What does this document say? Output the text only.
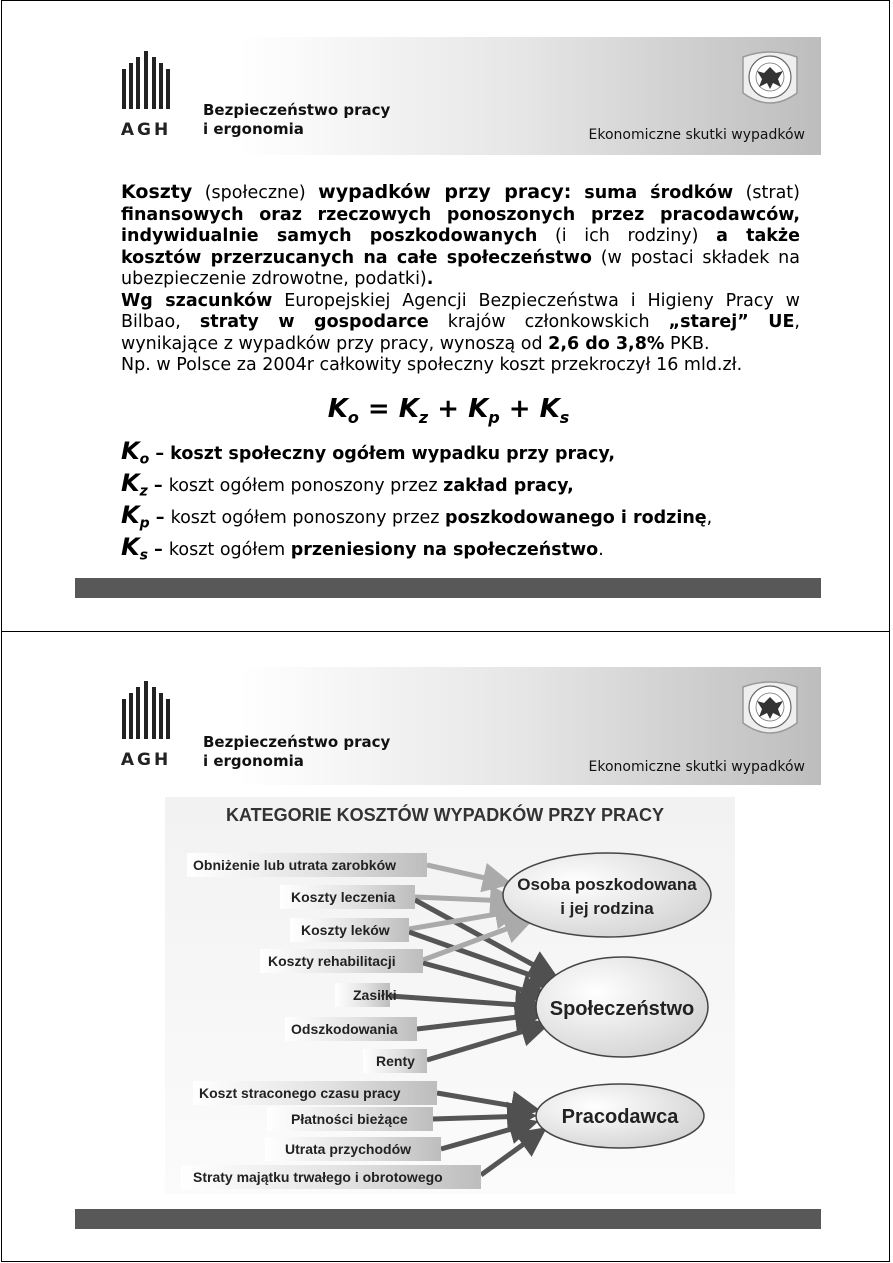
AGH
Bezpieczeństwo pracy
i ergonomia	Ekonomiczne skutki wypadków

Koszty (społeczne) wypadków przy pracy: suma środków (strat) finansowych oraz rzeczowych ponoszonych przez pracodawców, indywidualnie samych poszkodowanych (i ich rodziny) a także kosztów przerzucanych na całe społeczeństwo (w postaci składek na ubezpieczenie zdrowotne, podatki).

Wg szacunków Europejskiej Agencji Bezpieczeństwa i Higieny Pracy w Bilbao, straty w gospodarce krajów członkowskich „starej” UE, wynikające z wypadków przy pracy, wynoszą od 2,6 do 3,8% PKB.

Np. w Polsce za 2004r całkowity społeczny koszt przekroczył 16 mld.zł.

$K_o = K_z + K_p + K_s$
$K_o$ – koszt społeczny ogółem wypadku przy pracy,
$K_z$ – koszt ogółem ponoszony przez zakład pracy,
$K_p$ – koszt ogółem ponoszony przez poszkodowanego i rodzinę,
$K_s$ – koszt ogółem przeniesiony na społeczeństwo.
AGH
Bezpieczeństwo pracy
i ergonomia	Ekonomiczne skutki wypadków
KATEGORIE KOSZTÓW WYPADKÓW PRZY PRACY
Obniżenie lub utrata zarobków
Koszty leczenia
Koszty leków
Koszty rehabilitacji
Zasiłki
Odszkodowania
Renty
Koszt straconego czasu pracy
Płatności bieżące
Utrata przychodów
Straty majątku trwałego i obrotowego
Osoba poszkodowana
i jej rodzina
Społeczeństwo
Pracodawca
